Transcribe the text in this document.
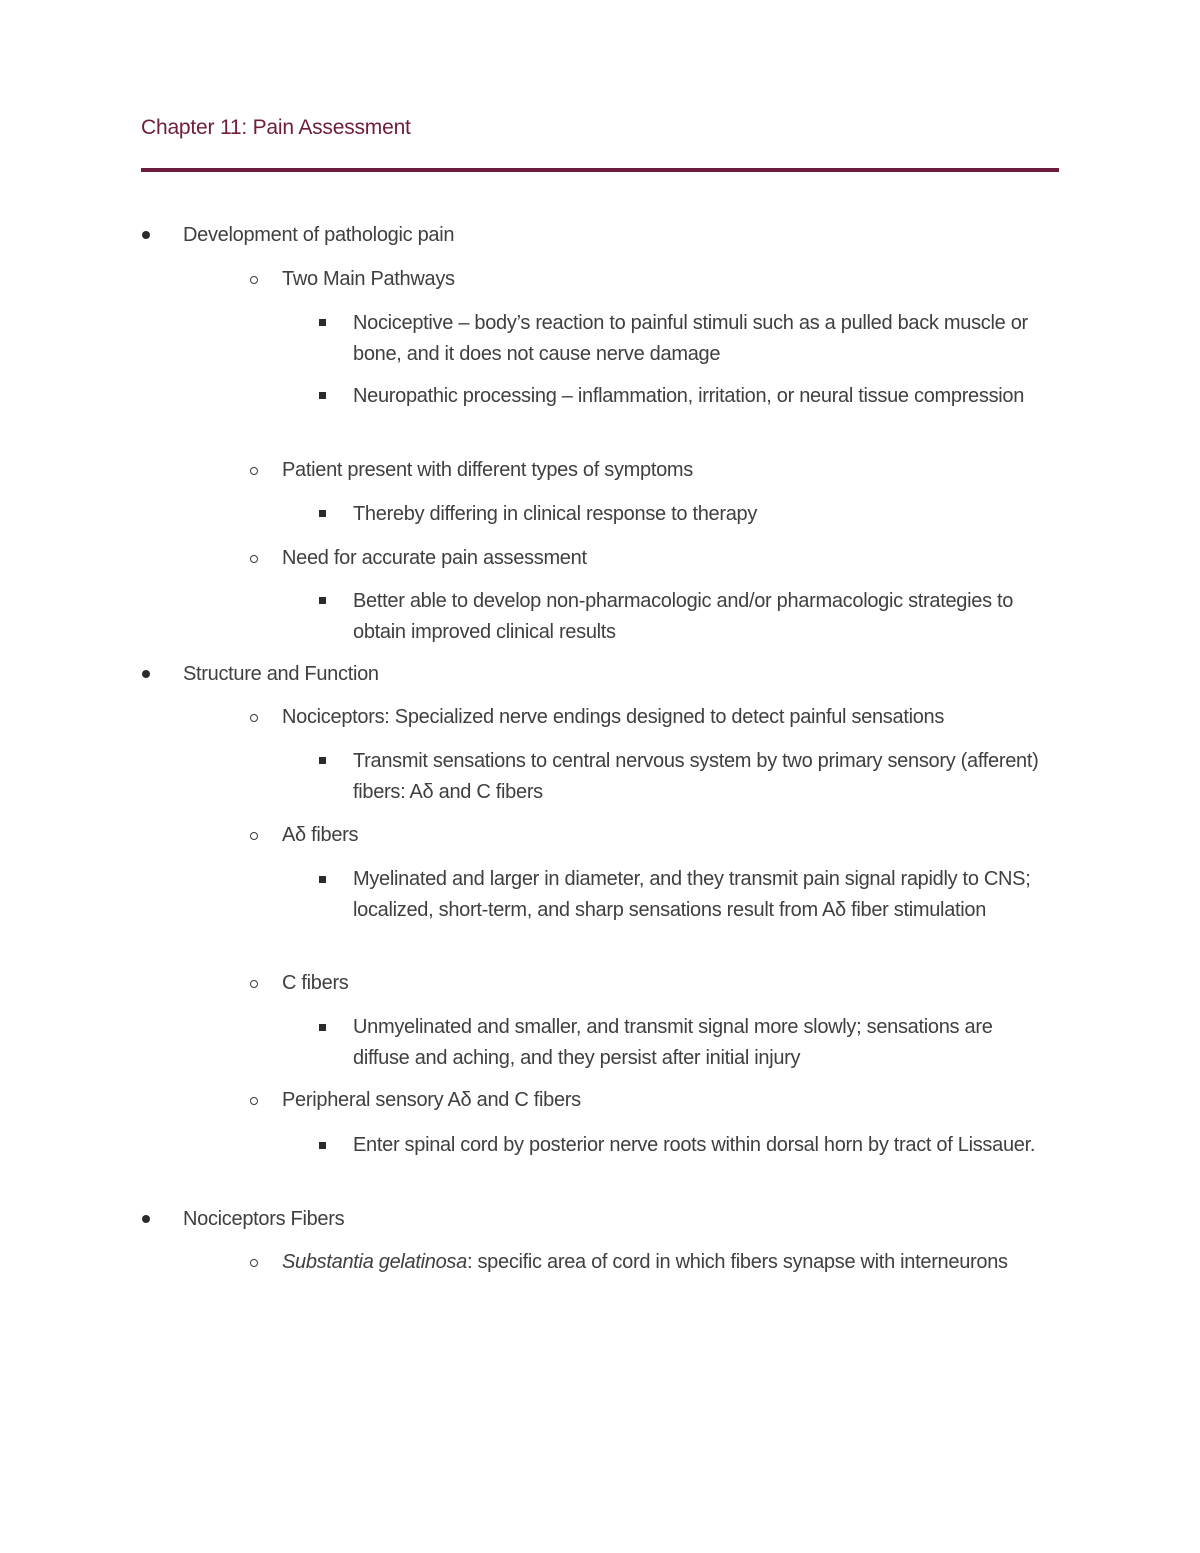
Chapter 11: Pain Assessment
Development of pathologic pain
Two Main Pathways
Nociceptive – body’s reaction to painful stimuli such as a pulled back muscle or bone, and it does not cause nerve damage
Neuropathic processing – inflammation, irritation, or neural tissue compression
Patient present with different types of symptoms
Thereby differing in clinical response to therapy
Need for accurate pain assessment
Better able to develop non-pharmacologic and/or pharmacologic strategies to obtain improved clinical results
Structure and Function
Nociceptors: Specialized nerve endings designed to detect painful sensations
Transmit sensations to central nervous system by two primary sensory (afferent) fibers: Aδ and C fibers
Aδ fibers
Myelinated and larger in diameter, and they transmit pain signal rapidly to CNS; localized, short-term, and sharp sensations result from Aδ fiber stimulation
C fibers
Unmyelinated and smaller, and transmit signal more slowly; sensations are diffuse and aching, and they persist after initial injury
Peripheral sensory Aδ and C fibers
Enter spinal cord by posterior nerve roots within dorsal horn by tract of Lissauer.
Nociceptors Fibers
Substantia gelatinosa: specific area of cord in which fibers synapse with interneurons
